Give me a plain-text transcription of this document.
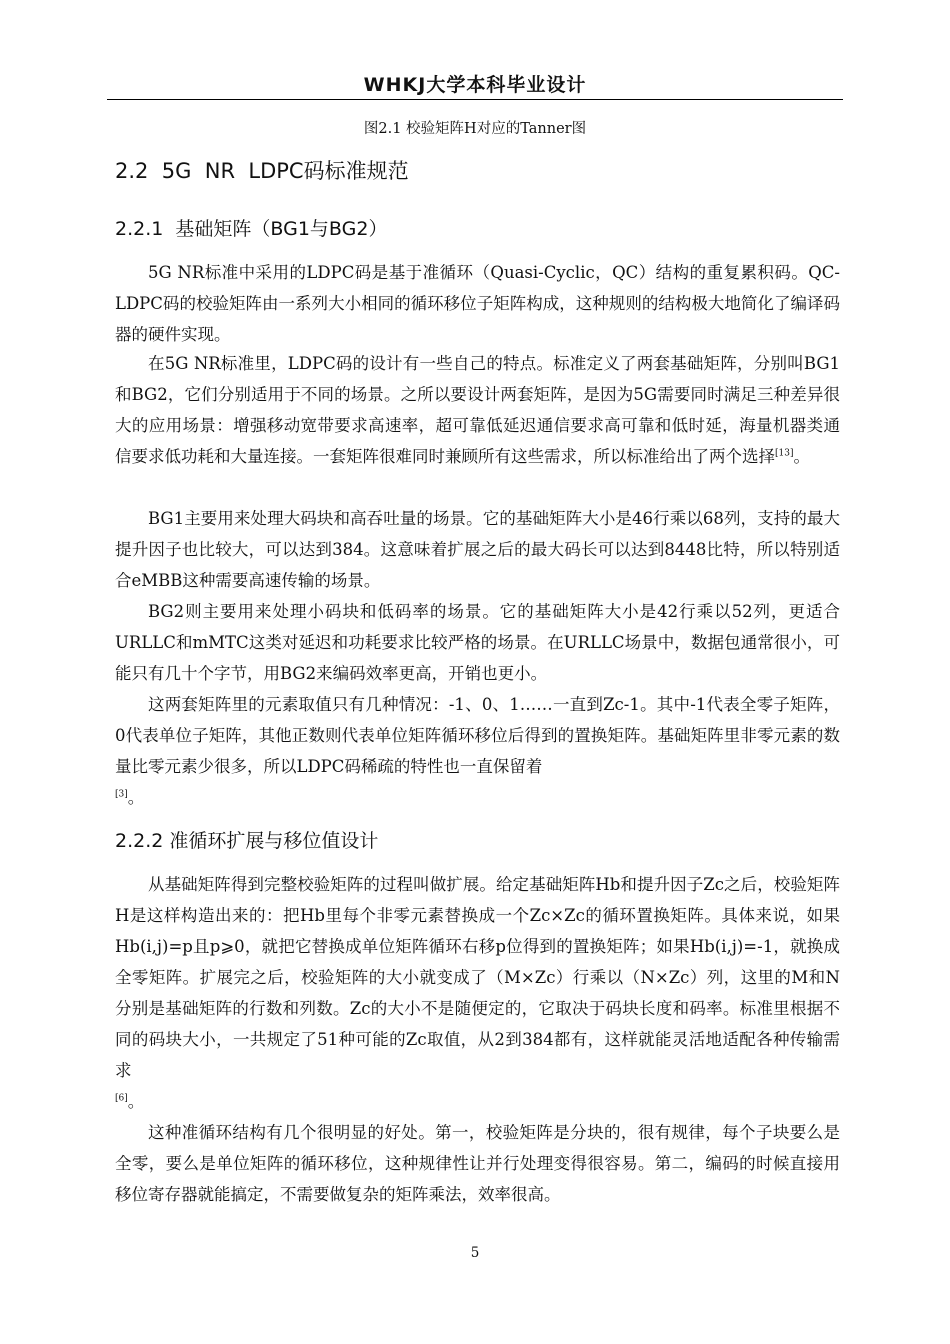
WHKJ大学本科毕业设计
图2.1 校验矩阵H对应的Tanner图
2.2  5G  NR  LDPC码标准规范
2.2.1  基础矩阵（BG1与BG2）

5G NR标准中采用的LDPC码是基于准循环（Quasi-Cyclic，QC）结构的重复累积码。QC-LDPC码的校验矩阵由一系列大小相同的循环移位子矩阵构成，这种规则的结构极大地简化了编译码器的硬件实现。

在5G NR标准里，LDPC码的设计有一些自己的特点。标准定义了两套基础矩阵，分别叫BG1和BG2，它们分别适用于不同的场景。之所以要设计两套矩阵，是因为5G需要同时满足三种差异很大的应用场景：增强移动宽带要求高速率，超可靠低延迟通信要求高可靠和低时延，海量机器类通信要求低功耗和大量连接。一套矩阵很难同时兼顾所有这些需求，所以标准给出了两个选择[13]。

BG1主要用来处理大码块和高吞吐量的场景。它的基础矩阵大小是46行乘以68列，支持的最大提升因子也比较大，可以达到384。这意味着扩展之后的最大码长可以达到8448比特，所以特别适合eMBB这种需要高速传输的场景。

BG2则主要用来处理小码块和低码率的场景。它的基础矩阵大小是42行乘以52列，更适合URLLC和mMTC这类对延迟和功耗要求比较严格的场景。在URLLC场景中，数据包通常很小，可能只有几十个字节，用BG2来编码效率更高，开销也更小。

这两套矩阵里的元素取值只有几种情况：-1、0、1……一直到Zc-1。其中-1代表全零子矩阵，0代表单位子矩阵，其他正数则代表单位矩阵循环移位后得到的置换矩阵。基础矩阵里非零元素的数量比零元素少很多，所以LDPC码稀疏的特性也一直保留着
[3]。

2.2.2 准循环扩展与移位值设计

从基础矩阵得到完整校验矩阵的过程叫做扩展。给定基础矩阵Hb和提升因子Zc之后，校验矩阵H是这样构造出来的：把Hb里每个非零元素替换成一个Zc×Zc的循环置换矩阵。具体来说，如果Hb(i,j)=p且p⩾0，就把它替换成单位矩阵循环右移p位得到的置换矩阵；如果Hb(i,j)=-1，就换成全零矩阵。扩展完之后，校验矩阵的大小就变成了（M×Zc）行乘以（N×Zc）列，这里的M和N分别是基础矩阵的行数和列数。Zc的大小不是随便定的，它取决于码块长度和码率。标准里根据不同的码块大小，一共规定了51种可能的Zc取值，从2到384都有，这样就能灵活地适配各种传输需求
[6]。

这种准循环结构有几个很明显的好处。第一，校验矩阵是分块的，很有规律，每个子块要么是全零，要么是单位矩阵的循环移位，这种规律性让并行处理变得很容易。第二，编码的时候直接用移位寄存器就能搞定，不需要做复杂的矩阵乘法，效率很高。

5
